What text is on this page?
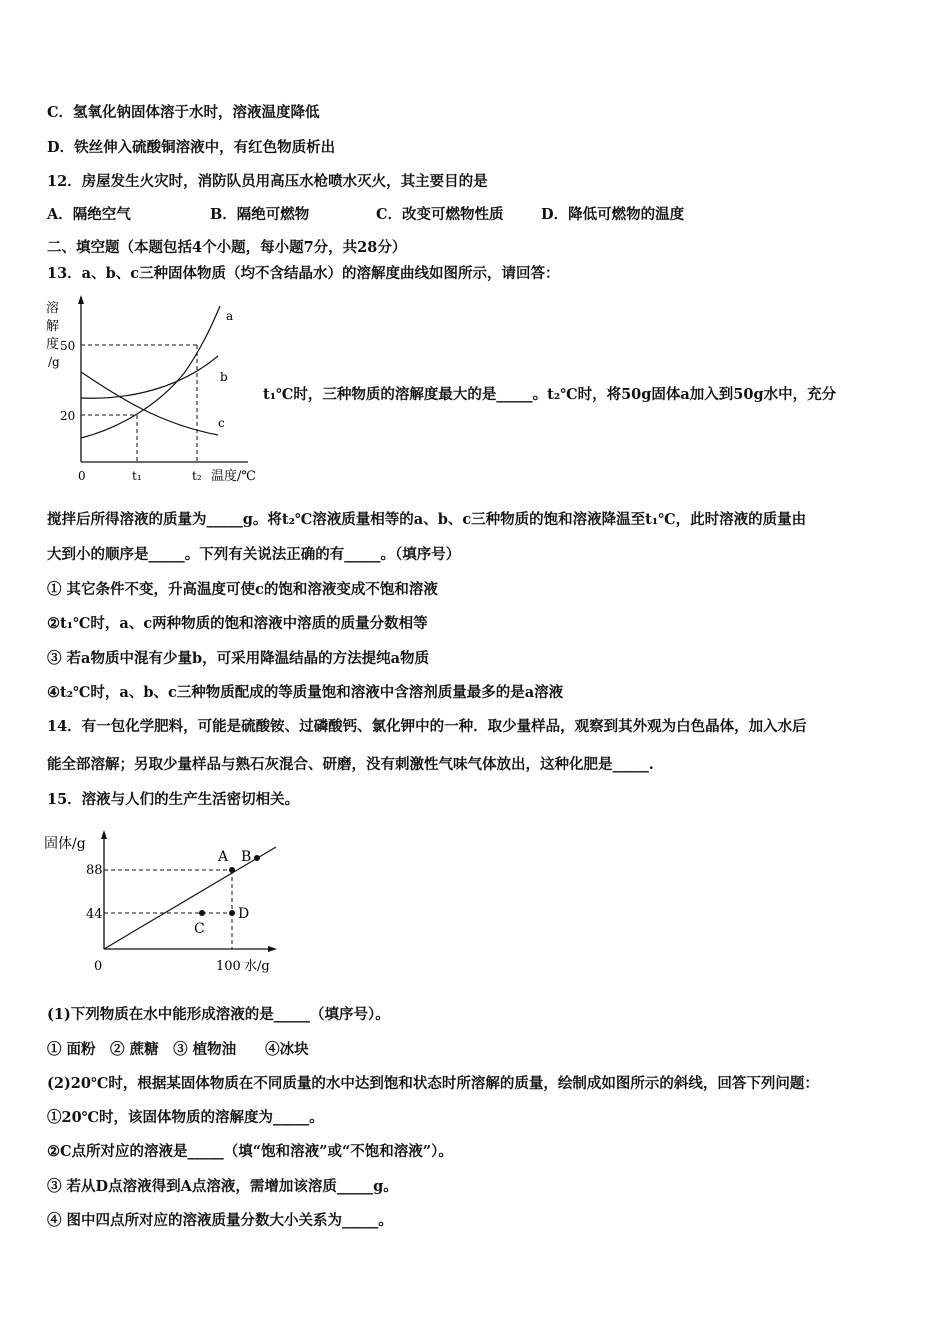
C．氢氧化钠固体溶于水时，溶液温度降低
D．铁丝伸入硫酸铜溶液中，有红色物质析出
12．房屋发生火灾时，消防队员用高压水枪喷水灭火，其主要目的是
A．隔绝空气	B．隔绝可燃物	C．改变可燃物性质	D．降低可燃物的温度
二、填空题（本题包括4个小题，每小题7分，共28分）
13．a、b、c三种固体物质（均不含结晶水）的溶解度曲线如图所示，请回答：
溶
解
度
/g
50
20
a
b
c
0	t₁	t₂ 温度/℃
t₁℃时，三种物质的溶解度最大的是_____。t₂℃时，将50g固体a加入到50g水中，充分
搅拌后所得溶液的质量为_____g。将t₂℃溶液质量相等的a、b、c三种物质的饱和溶液降温至t₁℃，此时溶液的质量由
大到小的顺序是_____。下列有关说法正确的有_____。（填序号）
① 其它条件不变，升高温度可使c的饱和溶液变成不饱和溶液
②t₁℃时，a、c两种物质的饱和溶液中溶质的质量分数相等
③ 若a物质中混有少量b，可采用降温结晶的方法提纯a物质
④t₂℃时，a、b、c三种物质配成的等质量饱和溶液中含溶剂质量最多的是a溶液
14．有一包化学肥料，可能是硫酸铵、过磷酸钙、氯化钾中的一种．取少量样品，观察到其外观为白色晶体，加入水后
能全部溶解；另取少量样品与熟石灰混合、研磨，没有刺激性气味气体放出，这种化肥是_____.
15．溶液与人们的生产生活密切相关。
固体/g
88
44
A B
C
D
0	100 水/g
(1)下列物质在水中能形成溶液的是_____（填序号）。
① 面粉　② 蔗糖　③ 植物油　　④冰块
(2)20℃时，根据某固体物质在不同质量的水中达到饱和状态时所溶解的质量，绘制成如图所示的斜线，回答下列问题：
①20℃时，该固体物质的溶解度为_____。
②C点所对应的溶液是_____（填“饱和溶液”或“不饱和溶液”）。
③ 若从D点溶液得到A点溶液，需增加该溶质_____g。
④ 图中四点所对应的溶液质量分数大小关系为_____。
